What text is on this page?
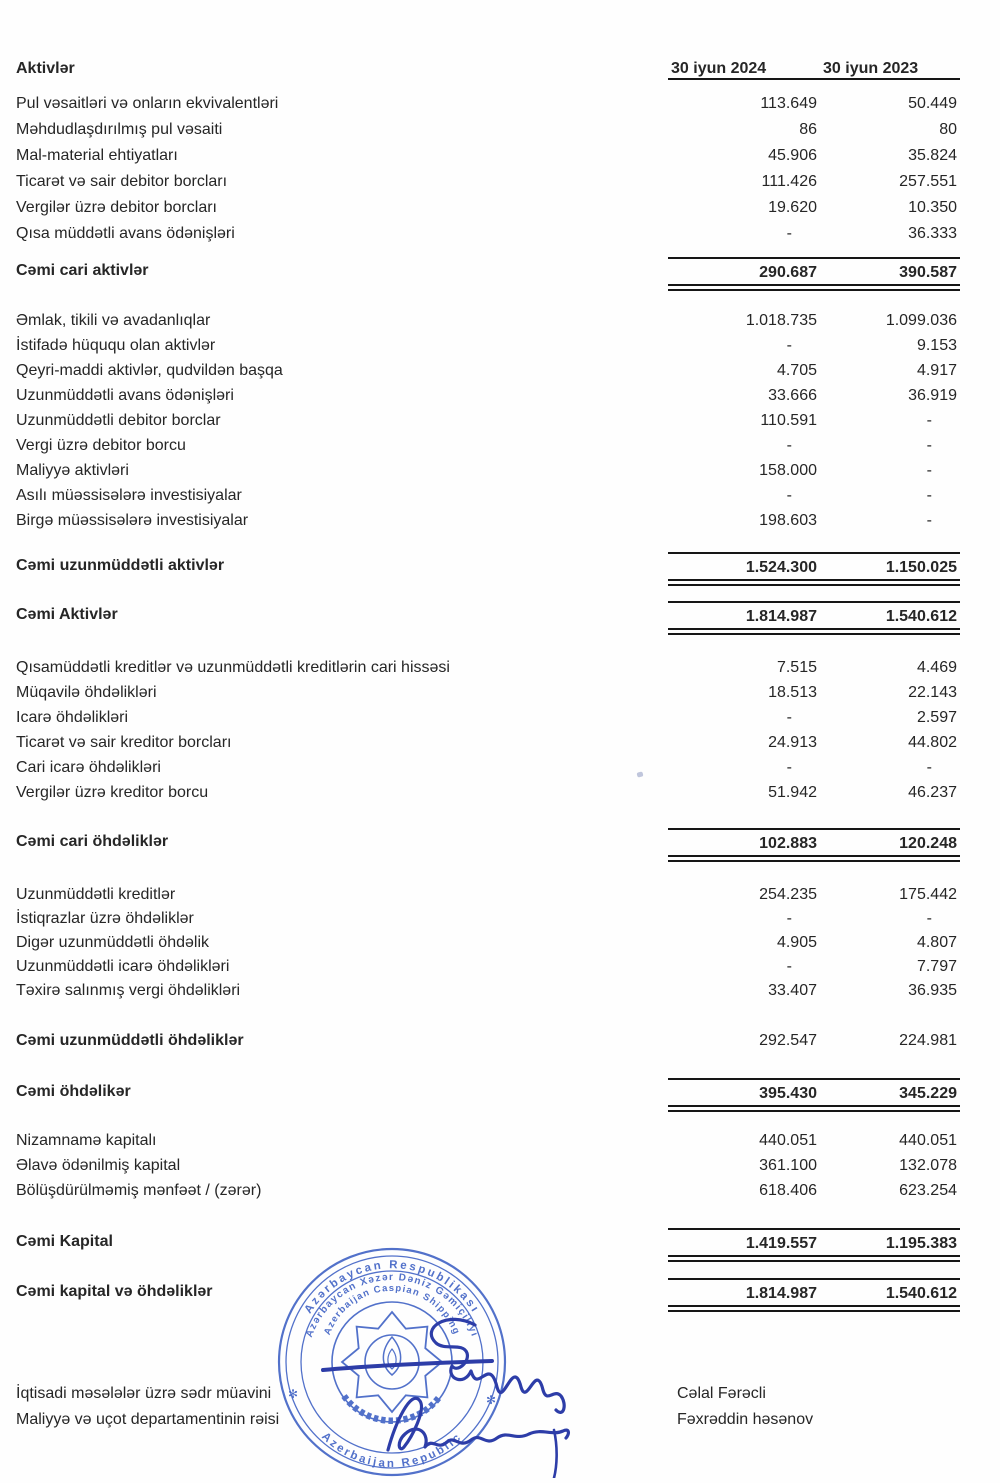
Aktivlər	30 iyun 2024	30 iyun 2023
Pul vəsaitləri və onların ekvivalentləri	113.649	50.449
Məhdudlaşdırılmış pul vəsaiti	86	80
Mal-material ehtiyatları	45.906	35.824
Ticarət və sair debitor borcları	111.426	257.551
Vergilər üzrə debitor borcları	19.620	10.350
Qısa müddətli avans ödənişləri	-	36.333
Cəmi cari aktivlər	290.687	390.587
Əmlak, tikili və avadanlıqlar	1.018.735	1.099.036
İstifadə hüququ olan aktivlər	-	9.153
Qeyri-maddi aktivlər, qudvildən başqa	4.705	4.917
Uzunmüddətli avans ödənişləri	33.666	36.919
Uzunmüddətli debitor borclar	110.591	-
Vergi üzrə debitor borcu	-	-
Maliyyə aktivləri	158.000	-
Asılı müəssisələrə investisiyalar	-	-
Birgə müəssisələrə investisiyalar	198.603	-
Cəmi uzunmüddətli aktivlər	1.524.300	1.150.025
Cəmi Aktivlər	1.814.987	1.540.612
Qısamüddətli kreditlər və uzunmüddətli kreditlərin cari hissəsi	7.515	4.469
Müqavilə öhdəlikləri	18.513	22.143
Icarə öhdəlikləri	-	2.597
Ticarət və sair kreditor borcları	24.913	44.802
Cari icarə öhdəlikləri	-	-
Vergilər üzrə kreditor borcu	51.942	46.237
Cəmi cari öhdəliklər	102.883	120.248
Uzunmüddətli kreditlər	254.235	175.442
İstiqrazlar üzrə öhdəliklər	-	-
Digər uzunmüddətli öhdəlik	4.905	4.807
Uzunmüddətli icarə öhdəlikləri	-	7.797
Təxirə salınmış vergi öhdəlikləri	33.407	36.935
Cəmi uzunmüddətli öhdəliklər	292.547	224.981
Cəmi öhdəlikər	395.430	345.229
Nizamnamə kapitalı	440.051	440.051
Əlavə ödənilmiş kapital	361.100	132.078
Bölüşdürülməmiş mənfəət / (zərər)	618.406	623.254
Cəmi Kapital	1.419.557	1.195.383
Cəmi kapital və öhdəliklər	1.814.987	1.540.612
İqtisadi məsələlər üzrə sədr müavini
Maliyyə və uçot departamentinin rəisi
Cəlal Fərəcli
Fəxrəddin həsənov
Azərbaycan Respublikası
Azerbaijan Republic
Azərbaycan Xəzər Dəniz Gəmiçiliyi
Azerbaijan Caspian Shipping
✻	✻
